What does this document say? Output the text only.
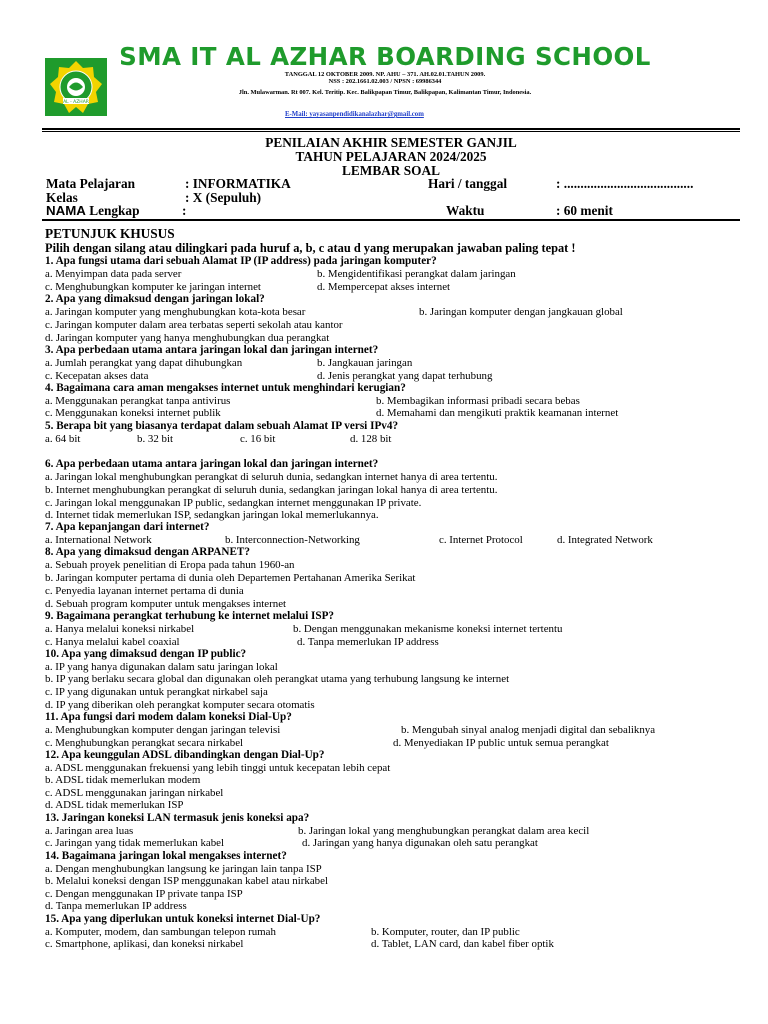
AL - AZHAR
SMA IT AL AZHAR BOARDING SCHOOL
TANGGAL 12 OKTOBER 2009. NP. AHU – 371. AH.02.01.TAHUN 2009.
NSS : 202.1661.02.003 / NPSN : 69986344
Jln. Mulawarman. Rt 007. Kel. Teritip. Kec. Balikpapan Timur, Balikpapan, Kalimantan Timur, Indonesia.
E-Mail: yayasanpendidikanalazhar@gmail.com
PENILAIAN AKHIR SEMESTER GANJIL
TAHUN PELAJARAN 2024/2025
LEMBAR SOAL
Mata Pelajaran	: INFORMATIKA	Hari / tanggal	: .......................................
Kelas	: X (Sepuluh)
NAMA Lengkap	:	Waktu	: 60 menit
PETUNJUK KHUSUS
Pilih dengan silang atau dilingkari pada huruf a, b, c atau d yang merupakan jawaban paling tepat !
1. Apa fungsi utama dari sebuah Alamat IP (IP address) pada jaringan komputer?
a. Menyimpan data pada server	b. Mengidentifikasi perangkat dalam jaringan
c. Menghubungkan komputer ke jaringan internet	d. Mempercepat akses internet
2. Apa yang dimaksud dengan jaringan lokal?
a. Jaringan komputer yang menghubungkan kota-kota besar	b. Jaringan komputer dengan jangkauan global
c. Jaringan komputer dalam area terbatas seperti sekolah atau kantor
d. Jaringan komputer yang hanya menghubungkan dua perangkat
3. Apa perbedaan utama antara jaringan lokal dan jaringan internet?
a. Jumlah perangkat yang dapat dihubungkan	b. Jangkauan jaringan
c. Kecepatan akses data	d. Jenis perangkat yang dapat terhubung
4. Bagaimana cara aman mengakses internet untuk menghindari kerugian?
a. Menggunakan perangkat tanpa antivirus	b. Membagikan informasi pribadi secara bebas
c. Menggunakan koneksi internet publik	d. Memahami dan mengikuti praktik keamanan internet
5. Berapa bit yang biasanya terdapat dalam sebuah Alamat IP versi IPv4?
a. 64 bit	b. 32 bit	c. 16 bit	d. 128 bit
6. Apa perbedaan utama antara jaringan lokal dan jaringan internet?
a. Jaringan lokal menghubungkan perangkat di seluruh dunia, sedangkan internet hanya di area tertentu.
b. Internet menghubungkan perangkat di seluruh dunia, sedangkan jaringan lokal hanya di area tertentu.
c. Jaringan lokal menggunakan IP public, sedangkan internet menggunakan IP private.
d. Internet tidak memerlukan ISP, sedangkan jaringan lokal memerlukannya.
7. Apa kepanjangan dari internet?
a. International Network	b. Interconnection-Networking	c. Internet Protocol	d. Integrated Network
8. Apa yang dimaksud dengan ARPANET?
a. Sebuah proyek penelitian di Eropa pada tahun 1960-an
b. Jaringan komputer pertama di dunia oleh Departemen Pertahanan Amerika Serikat
c. Penyedia layanan internet pertama di dunia
d. Sebuah program komputer untuk mengakses internet
9. Bagaimana perangkat terhubung ke internet melalui ISP?
a. Hanya melalui koneksi nirkabel	b. Dengan menggunakan mekanisme koneksi internet tertentu
c. Hanya melalui kabel coaxial	d. Tanpa memerlukan IP address
10. Apa yang dimaksud dengan IP public?
a. IP yang hanya digunakan dalam satu jaringan lokal
b. IP yang berlaku secara global dan digunakan oleh perangkat utama yang terhubung langsung ke internet
c. IP yang digunakan untuk perangkat nirkabel saja
d. IP yang diberikan oleh perangkat komputer secara otomatis
11. Apa fungsi dari modem dalam koneksi Dial-Up?
a. Menghubungkan komputer dengan jaringan televisi	b. Mengubah sinyal analog menjadi digital dan sebaliknya
c. Menghubungkan perangkat secara nirkabel	d. Menyediakan IP public untuk semua perangkat
12. Apa keunggulan ADSL dibandingkan dengan Dial-Up?
a. ADSL menggunakan frekuensi yang lebih tinggi untuk kecepatan lebih cepat
b. ADSL tidak memerlukan modem
c. ADSL menggunakan jaringan nirkabel
d. ADSL tidak memerlukan ISP
13. Jaringan koneksi LAN termasuk jenis koneksi apa?
a. Jaringan area luas	b. Jaringan lokal yang menghubungkan perangkat dalam area kecil
c. Jaringan yang tidak memerlukan kabel	d. Jaringan yang hanya digunakan oleh satu perangkat
14. Bagaimana jaringan lokal mengakses internet?
a. Dengan menghubungkan langsung ke jaringan lain tanpa ISP
b. Melalui koneksi dengan ISP menggunakan kabel atau nirkabel
c. Dengan menggunakan IP private tanpa ISP
d. Tanpa memerlukan IP address
15. Apa yang diperlukan untuk koneksi internet Dial-Up?
a. Komputer, modem, dan sambungan telepon rumah	b. Komputer, router, dan IP public
c. Smartphone, aplikasi, dan koneksi nirkabel	d. Tablet, LAN card, dan kabel fiber optik
